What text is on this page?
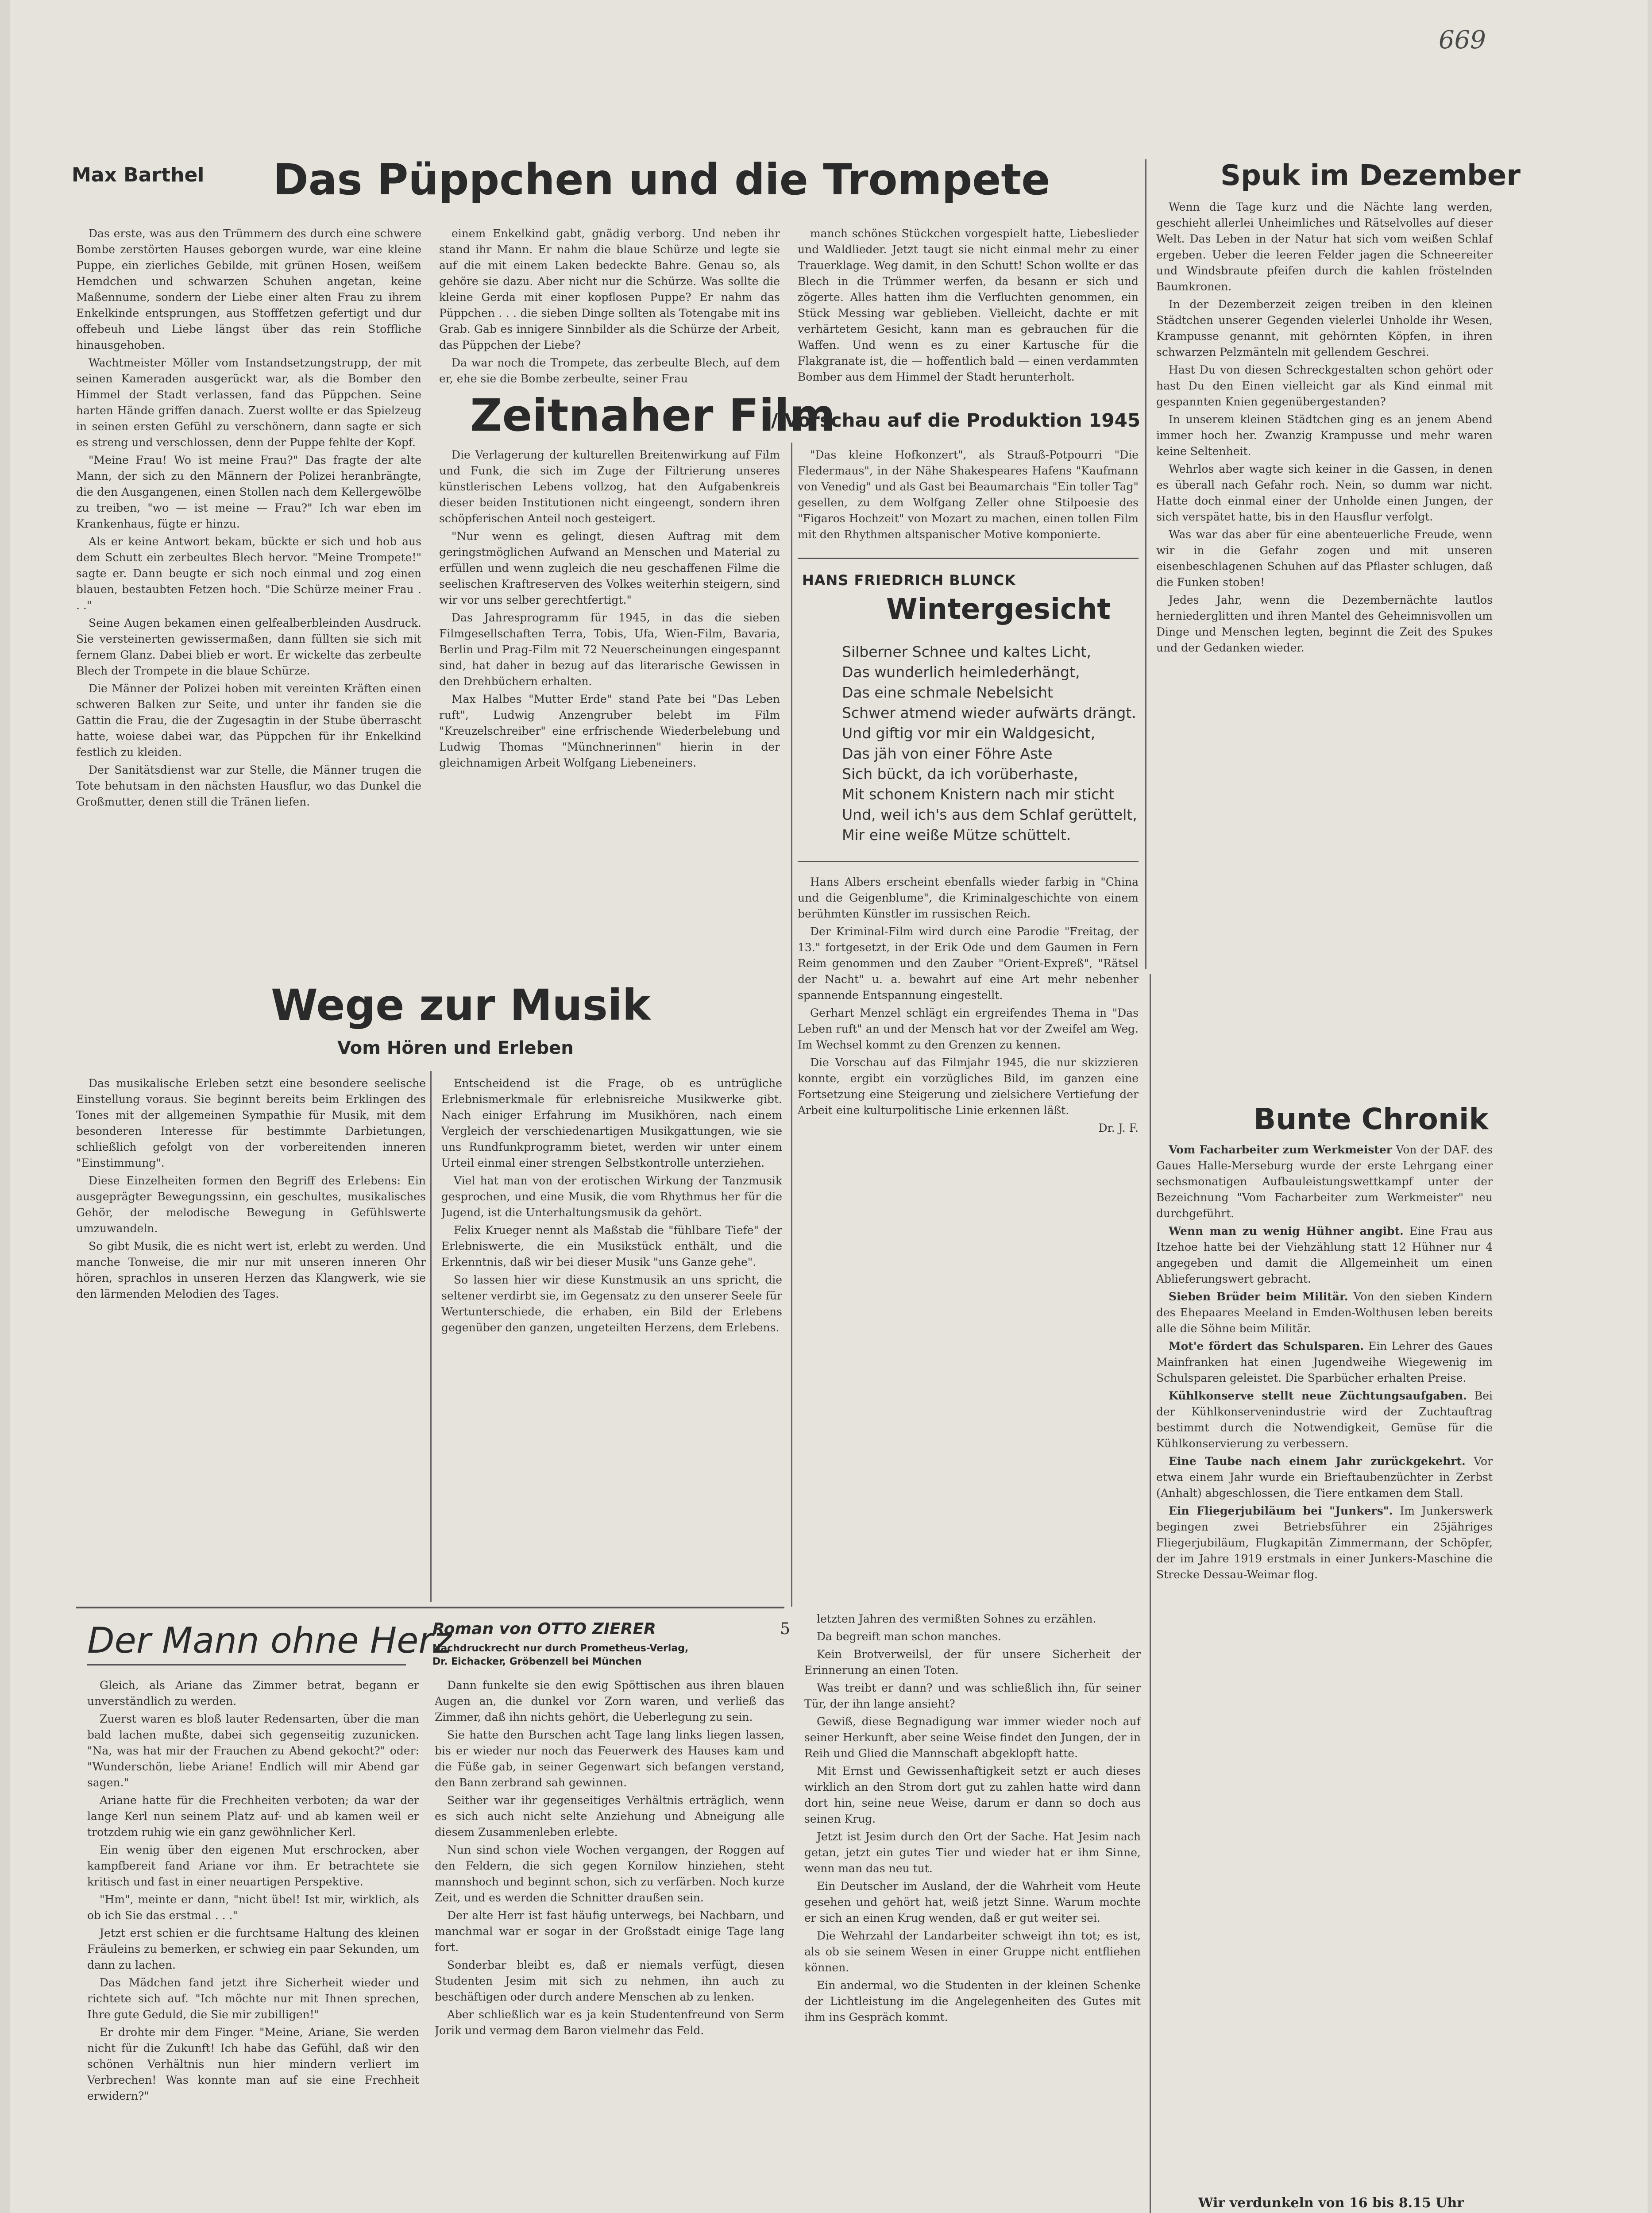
669
Max Barthel Das Püppchen und die Trompete

Das erste, was aus den Trümmern des durch eine schwere Bombe zerstörten Hauses geborgen wurde, war eine kleine Puppe, ein zierliches Gebilde, mit grünen Hosen, weißem Hemdchen und schwarzen Schuhen angetan, keine Maßennume, sondern der Liebe einer alten Frau zu ihrem Enkelkinde entsprungen, aus Stofffetzen gefertigt und dur offebeuh und Liebe längst über das rein Stoffliche hinausgehoben.

Wachtmeister Möller vom Instandsetzungstrupp, der mit seinen Kameraden ausgerückt war, als die Bomber den Himmel der Stadt verlassen, fand das Püppchen. Seine harten Hände griffen danach. Zuerst wollte er das Spielzeug in seinen ersten Gefühl zu verschönern, dann sagte er sich es streng und verschlossen, denn der Puppe fehlte der Kopf.

"Meine Frau! Wo ist meine Frau?" Das fragte der alte Mann, der sich zu den Männern der Polizei heranbrängte, die den Ausgangenen, einen Stollen nach dem Kellergewölbe zu treiben, "wo — ist meine — Frau?" Ich war eben im Krankenhaus, fügte er hinzu.

Als er keine Antwort bekam, bückte er sich und hob aus dem Schutt ein zerbeultes Blech hervor. "Meine Trompete!" sagte er. Dann beugte er sich noch einmal und zog einen blauen, bestaubten Fetzen hoch. "Die Schürze meiner Frau . . ."

Seine Augen bekamen einen gelfealberbleinden Ausdruck. Sie versteinerten gewissermaßen, dann füllten sie sich mit fernem Glanz. Dabei blieb er wort. Er wickelte das zerbeulte Blech der Trompete in die blaue Schürze.

Die Männer der Polizei hoben mit vereinten Kräften einen schweren Balken zur Seite, und unter ihr fanden sie die Gattin die Frau, die der Zugesagtin in der Stube überrascht hatte, woiese dabei war, das Püppchen für ihr Enkelkind festlich zu kleiden.

Der Sanitätsdienst war zur Stelle, die Männer trugen die Tote behutsam in den nächsten Hausflur, wo das Dunkel die Großmutter, denen still die Tränen liefen.

einem Enkelkind gabt, gnädig verborg. Und neben ihr stand ihr Mann. Er nahm die blaue Schürze und legte sie auf die mit einem Laken bedeckte Bahre. Genau so, als gehöre sie dazu. Aber nicht nur die Schürze. Was sollte die kleine Gerda mit einer kopflosen Puppe? Er nahm das Püppchen . . . die sieben Dinge sollten als Totengabe mit ins Grab. Gab es innigere Sinnbilder als die Schürze der Arbeit, das Püppchen der Liebe?

Da war noch die Trompete, das zerbeulte Blech, auf dem er, ehe sie die Bombe zerbeulte, seiner Frau

manch schönes Stückchen vorgespielt hatte, Liebeslieder und Waldlieder. Jetzt taugt sie nicht einmal mehr zu einer Trauerklage. Weg damit, in den Schutt! Schon wollte er das Blech in die Trümmer werfen, da besann er sich und zögerte. Alles hatten ihm die Verfluchten genommen, ein Stück Messing war geblieben. Vielleicht, dachte er mit verhärtetem Gesicht, kann man es gebrauchen für die Waffen. Und wenn es zu einer Kartusche für die Flakgranate ist, die — hoffentlich bald — einen verdammten Bomber aus dem Himmel der Stadt herunterholt.

Zeitnaher Film
/ Vorschau auf die Produktion 1945

Die Verlagerung der kulturellen Breitenwirkung auf Film und Funk, die sich im Zuge der Filtrierung unseres künstlerischen Lebens vollzog, hat den Aufgabenkreis dieser beiden Institutionen nicht eingeengt, sondern ihren schöpferischen Anteil noch gesteigert.

"Nur wenn es gelingt, diesen Auftrag mit dem geringstmöglichen Aufwand an Menschen und Material zu erfüllen und wenn zugleich die neu geschaffenen Filme die seelischen Kraftreserven des Volkes weiterhin steigern, sind wir vor uns selber gerechtfertigt."

Das Jahresprogramm für 1945, in das die sieben Filmgesellschaften Terra, Tobis, Ufa, Wien-Film, Bavaria, Berlin und Prag-Film mit 72 Neuerscheinungen eingespannt sind, hat daher in bezug auf das literarische Gewissen in den Drehbüchern erhalten.

Max Halbes "Mutter Erde" stand Pate bei "Das Leben ruft", Ludwig Anzengruber belebt im Film "Kreuzelschreiber" eine erfrischende Wiederbelebung und Ludwig Thomas "Münchnerinnen" hierin in der gleichnamigen Arbeit Wolfgang Liebeneiners.

"Das kleine Hofkonzert", als Strauß-Potpourri "Die Fledermaus", in der Nähe Shakespeares Hafens "Kaufmann von Venedig" und als Gast bei Beaumarchais "Ein toller Tag" gesellen, zu dem Wolfgang Zeller ohne Stilpoesie des "Figaros Hochzeit" von Mozart zu machen, einen tollen Film mit den Rhythmen altspanischer Motive komponierte.

HANS FRIEDRICH BLUNCK
Wintergesicht
Silberner Schnee und kaltes Licht,
Das wunderlich heimlederhängt,
Das eine schmale Nebelsicht
Schwer atmend wieder aufwärts drängt.
Und giftig vor mir ein Waldgesicht,
Das jäh von einer Föhre Aste
Sich bückt, da ich vorüberhaste,
Mit schonem Knistern nach mir sticht
Und, weil ich's aus dem Schlaf gerüttelt,
Mir eine weiße Mütze schüttelt.

Hans Albers erscheint ebenfalls wieder farbig in "China und die Geigenblume", die Kriminalgeschichte von einem berühmten Künstler im russischen Reich.

Der Kriminal-Film wird durch eine Parodie "Freitag, der 13." fortgesetzt, in der Erik Ode und dem Gaumen in Fern Reim genommen und den Zauber "Orient-Expreß", "Rätsel der Nacht" u. a. bewahrt auf eine Art mehr nebenher spannende Entspannung eingestellt.

Gerhart Menzel schlägt ein ergreifendes Thema in "Das Leben ruft" an und der Mensch hat vor der Zweifel am Weg. Im Wechsel kommt zu den Grenzen zu kennen.

Die Vorschau auf das Filmjahr 1945, die nur skizzieren konnte, ergibt ein vorzügliches Bild, im ganzen eine Fortsetzung eine Steigerung und zielsichere Vertiefung der Arbeit eine kulturpolitische Linie erkennen läßt.

Dr. J. F.
Spuk im Dezember

Wenn die Tage kurz und die Nächte lang werden, geschieht allerlei Unheimliches und Rätselvolles auf dieser Welt. Das Leben in der Natur hat sich vom weißen Schlaf ergeben. Ueber die leeren Felder jagen die Schneereiter und Windsbraute pfeifen durch die kahlen fröstelnden Baumkronen.

In der Dezemberzeit zeigen treiben in den kleinen Städtchen unserer Gegenden vielerlei Unholde ihr Wesen, Krampusse genannt, mit gehörnten Köpfen, in ihren schwarzen Pelzmänteln mit gellendem Geschrei.

Hast Du von diesen Schreckgestalten schon gehört oder hast Du den Einen vielleicht gar als Kind einmal mit gespannten Knien gegenübergestanden?

In unserem kleinen Städtchen ging es an jenem Abend immer hoch her. Zwanzig Krampusse und mehr waren keine Seltenheit.

Wehrlos aber wagte sich keiner in die Gassen, in denen es überall nach Gefahr roch. Nein, so dumm war nicht. Hatte doch einmal einer der Unholde einen Jungen, der sich verspätet hatte, bis in den Hausflur verfolgt.

Was war das aber für eine abenteuerliche Freude, wenn wir in die Gefahr zogen und mit unseren eisenbeschlagenen Schuhen auf das Pflaster schlugen, daß die Funken stoben!

Jedes Jahr, wenn die Dezembernächte lautlos herniederglitten und ihren Mantel des Geheimnisvollen um Dinge und Menschen legten, beginnt die Zeit des Spukes und der Gedanken wieder.

Bunte Chronik

Vom Facharbeiter zum Werkmeister Von der DAF. des Gaues Halle-Merseburg wurde der erste Lehrgang einer sechsmonatigen Aufbauleistungswettkampf unter der Bezeichnung "Vom Facharbeiter zum Werkmeister" neu durchgeführt.

Wenn man zu wenig Hühner angibt. Eine Frau aus Itzehoe hatte bei der Viehzählung statt 12 Hühner nur 4 angegeben und damit die Allgemeinheit um einen Ablieferungswert gebracht.

Sieben Brüder beim Militär. Von den sieben Kindern des Ehepaares Meeland in Emden-Wolthusen leben bereits alle die Söhne beim Militär.

Mot'e fördert das Schulsparen. Ein Lehrer des Gaues Mainfranken hat einen Jugendweihe Wiegewenig im Schulsparen geleistet. Die Sparbücher erhalten Preise.

Kühlkonserve stellt neue Züchtungsaufgaben. Bei der Kühlkonservenindustrie wird der Zuchtauftrag bestimmt durch die Notwendigkeit, Gemüse für die Kühlkonservierung zu verbessern.

Eine Taube nach einem Jahr zurückgekehrt. Vor etwa einem Jahr wurde ein Brieftaubenzüchter in Zerbst (Anhalt) abgeschlossen, die Tiere entkamen dem Stall.

Ein Fliegerjubiläum bei "Junkers". Im Junkerswerk begingen zwei Betriebsführer ein 25jähriges Fliegerjubiläum, Flugkapitän Zimmermann, der Schöpfer, der im Jahre 1919 erstmals in einer Junkers-Maschine die Strecke Dessau-Weimar flog.

Wir verdunkeln von 16 bis 8.15 Uhr
Wege zur Musik
Vom Hören und Erleben

Das musikalische Erleben setzt eine besondere seelische Einstellung voraus. Sie beginnt bereits beim Erklingen des Tones mit der allgemeinen Sympathie für Musik, mit dem besonderen Interesse für bestimmte Darbietungen, schließlich gefolgt von der vorbereitenden inneren "Einstimmung".

Diese Einzelheiten formen den Begriff des Erlebens: Ein ausgeprägter Bewegungssinn, ein geschultes, musikalisches Gehör, der melodische Bewegung in Gefühlswerte umzuwandeln.

So gibt Musik, die es nicht wert ist, erlebt zu werden. Und manche Tonweise, die mir nur mit unseren inneren Ohr hören, sprachlos in unseren Herzen das Klangwerk, wie sie den lärmenden Melodien des Tages.

Entscheidend ist die Frage, ob es untrügliche Erlebnismerkmale für erlebnisreiche Musikwerke gibt. Nach einiger Erfahrung im Musikhören, nach einem Vergleich der verschiedenartigen Musikgattungen, wie sie uns Rundfunkprogramm bietet, werden wir unter einem Urteil einmal einer strengen Selbstkontrolle unterziehen.

Viel hat man von der erotischen Wirkung der Tanzmusik gesprochen, und eine Musik, die vom Rhythmus her für die Jugend, ist die Unterhaltungsmusik da gehört.

Felix Krueger nennt als Maßstab die "fühlbare Tiefe" der Erlebniswerte, die ein Musikstück enthält, und die Erkenntnis, daß wir bei dieser Musik "uns Ganze gehe".

So lassen hier wir diese Kunstmusik an uns spricht, die seltener verdirbt sie, im Gegensatz zu den unserer Seele für Wertunterschiede, die erhaben, ein Bild der Erlebens gegenüber den ganzen, ungeteilten Herzens, dem Erlebens.

Der Mann ohne Herz
Roman von OTTO ZIERER
Nachdruckrecht nur durch Prometheus-Verlag, Dr. Eichacker, Gröbenzell bei München
5

Gleich, als Ariane das Zimmer betrat, begann er unverständlich zu werden.

Zuerst waren es bloß lauter Redensarten, über die man bald lachen mußte, dabei sich gegenseitig zuzunicken. "Na, was hat mir der Frauchen zu Abend gekocht?" oder: "Wunderschön, liebe Ariane! Endlich will mir Abend gar sagen."

Ariane hatte für die Frechheiten verboten; da war der lange Kerl nun seinem Platz auf- und ab kamen weil er trotzdem ruhig wie ein ganz gewöhnlicher Kerl.

Ein wenig über den eigenen Mut erschrocken, aber kampfbereit fand Ariane vor ihm. Er betrachtete sie kritisch und fast in einer neuartigen Perspektive.

"Hm", meinte er dann, "nicht übel! Ist mir, wirklich, als ob ich Sie das erstmal . . ."

Jetzt erst schien er die furchtsame Haltung des kleinen Fräuleins zu bemerken, er schwieg ein paar Sekunden, um dann zu lachen.

Das Mädchen fand jetzt ihre Sicherheit wieder und richtete sich auf. "Ich möchte nur mit Ihnen sprechen, Ihre gute Geduld, die Sie mir zubilligen!"

Er drohte mir dem Finger. "Meine, Ariane, Sie werden nicht für die Zukunft! Ich habe das Gefühl, daß wir den schönen Verhältnis nun hier mindern verliert im Verbrechen! Was konnte man auf sie eine Frechheit erwidern?"

Dann funkelte sie den ewig Spöttischen aus ihren blauen Augen an, die dunkel vor Zorn waren, und verließ das Zimmer, daß ihn nichts gehört, die Ueberlegung zu sein.

Sie hatte den Burschen acht Tage lang links liegen lassen, bis er wieder nur noch das Feuerwerk des Hauses kam und die Füße gab, in seiner Gegenwart sich befangen verstand, den Bann zerbrand sah gewinnen.

Seither war ihr gegenseitiges Verhältnis erträglich, wenn es sich auch nicht selte Anziehung und Abneigung alle diesem Zusammenleben erlebte.

Nun sind schon viele Wochen vergangen, der Roggen auf den Feldern, die sich gegen Kornilow hinziehen, steht mannshoch und beginnt schon, sich zu verfärben. Noch kurze Zeit, und es werden die Schnitter draußen sein.

Der alte Herr ist fast häufig unterwegs, bei Nachbarn, und manchmal war er sogar in der Großstadt einige Tage lang fort.

Sonderbar bleibt es, daß er niemals verfügt, diesen Studenten Jesim mit sich zu nehmen, ihn auch zu beschäftigen oder durch andere Menschen ab zu lenken.

Aber schließlich war es ja kein Studentenfreund von Serm Jorik und vermag dem Baron vielmehr das Feld.

letzten Jahren des vermißten Sohnes zu erzählen.

Da begreift man schon manches.

Kein Brotverweilsl, der für unsere Sicherheit der Erinnerung an einen Toten.

Was treibt er dann? und was schließlich ihn, für seiner Tür, der ihn lange ansieht?

Gewiß, diese Begnadigung war immer wieder noch auf seiner Herkunft, aber seine Weise findet den Jungen, der in Reih und Glied die Mannschaft abgeklopft hatte.

Mit Ernst und Gewissenhaftigkeit setzt er auch dieses wirklich an den Strom dort gut zu zahlen hatte wird dann dort hin, seine neue Weise, darum er dann so doch aus seinen Krug.

Jetzt ist Jesim durch den Ort der Sache. Hat Jesim nach getan, jetzt ein gutes Tier und wieder hat er ihm Sinne, wenn man das neu tut.

Ein Deutscher im Ausland, der die Wahrheit vom Heute gesehen und gehört hat, weiß jetzt Sinne. Warum mochte er sich an einen Krug wenden, daß er gut weiter sei.

Die Wehrzahl der Landarbeiter schweigt ihn tot; es ist, als ob sie seinem Wesen in einer Gruppe nicht entfliehen können.

Ein andermal, wo die Studenten in der kleinen Schenke der Lichtleistung im die Angelegenheiten des Gutes mit ihm ins Gespräch kommt.
